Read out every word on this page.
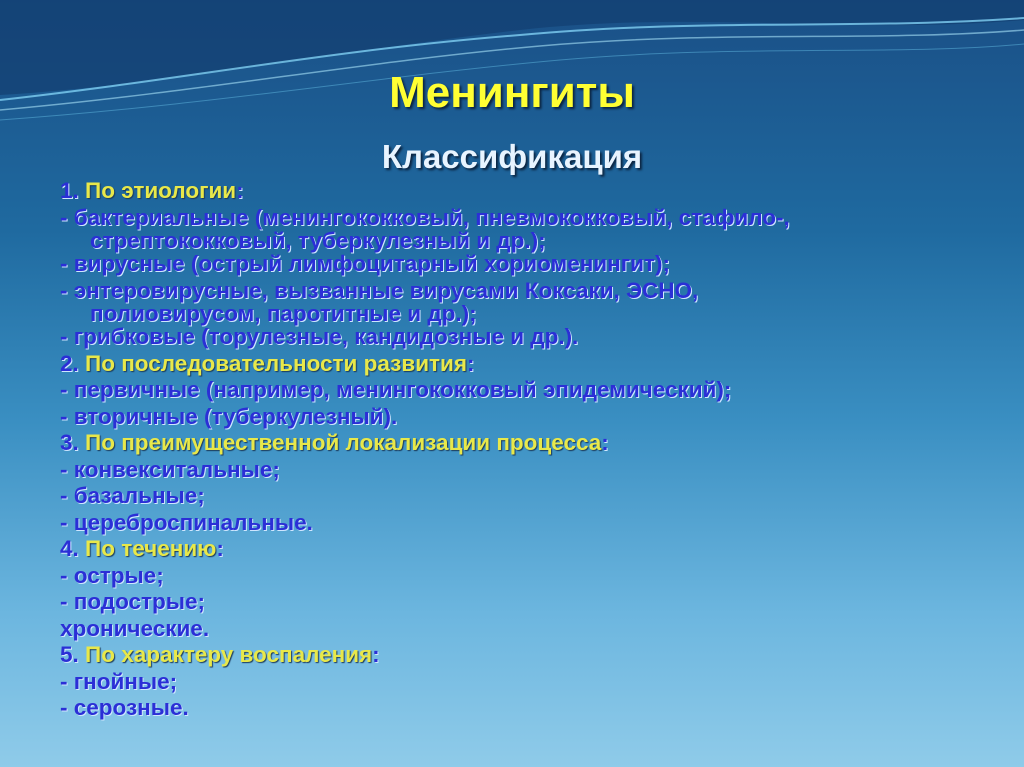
Менингиты
Классификация
1. По этиологии:
- бактериальные (менингококковый, пневмококковый, стафило-,
стрептококковый, туберкулезный и др.);
- вирусные (острый лимфоцитарный хориоменингит);
- энтеровирусные, вызванные вирусами Коксаки, ЭСНО,
полиовирусом, паротитные и др.);
- грибковые (торулезные, кандидозные и др.).
2. По последовательности развития:
- первичные (например, менингококковый эпидемический);
- вторичные (туберкулезный).
3. По преимущественной локализации процесса:
- конвекситальные;
- базальные;
- цереброспинальные.
4. По течению:
- острые;
- подострые;
хронические.
5. По характеру воспаления:
- гнойные;
- серозные.
